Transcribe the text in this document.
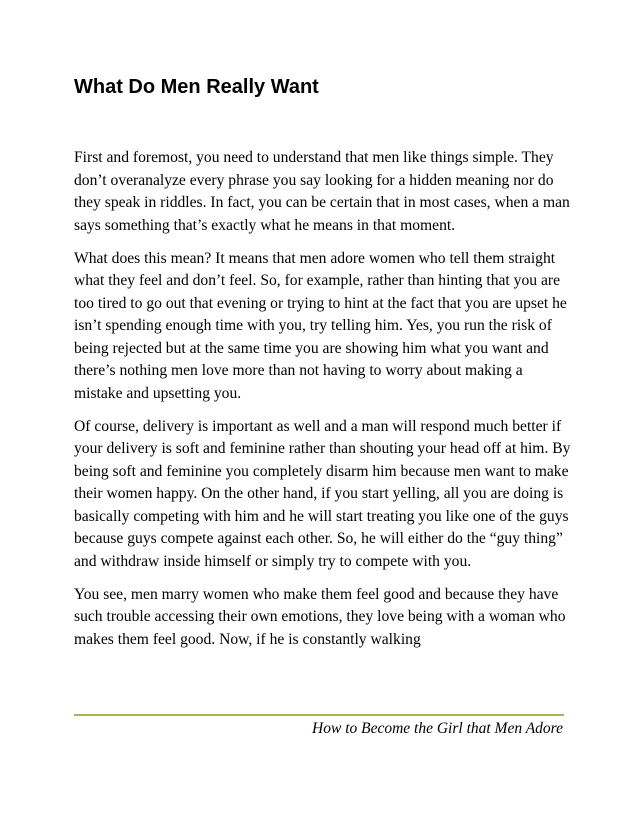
What Do Men Really Want

First and foremost, you need to understand that men like things simple. They don’t overanalyze every phrase you say looking for a hidden meaning nor do they speak in riddles. In fact, you can be certain that in most cases, when a man says something that’s exactly what he means in that moment.

What does this mean? It means that men adore women who tell them straight what they feel and don’t feel. So, for example, rather than hinting that you are too tired to go out that evening or trying to hint at the fact that you are upset he isn’t spending enough time with you, try telling him. Yes, you run the risk of being rejected but at the same time you are showing him what you want and there’s nothing men love more than not having to worry about making a mistake and upsetting you.

Of course, delivery is important as well and a man will respond much better if your delivery is soft and feminine rather than shouting your head off at him. By being soft and feminine you completely disarm him because men want to make their women happy. On the other hand, if you start yelling, all you are doing is basically competing with him and he will start treating you like one of the guys because guys compete against each other. So, he will either do the “guy thing” and withdraw inside himself or simply try to compete with you.

You see, men marry women who make them feel good and because they have such trouble accessing their own emotions, they love being with a woman who makes them feel good. Now, if he is constantly walking

How to Become the Girl that Men Adore
